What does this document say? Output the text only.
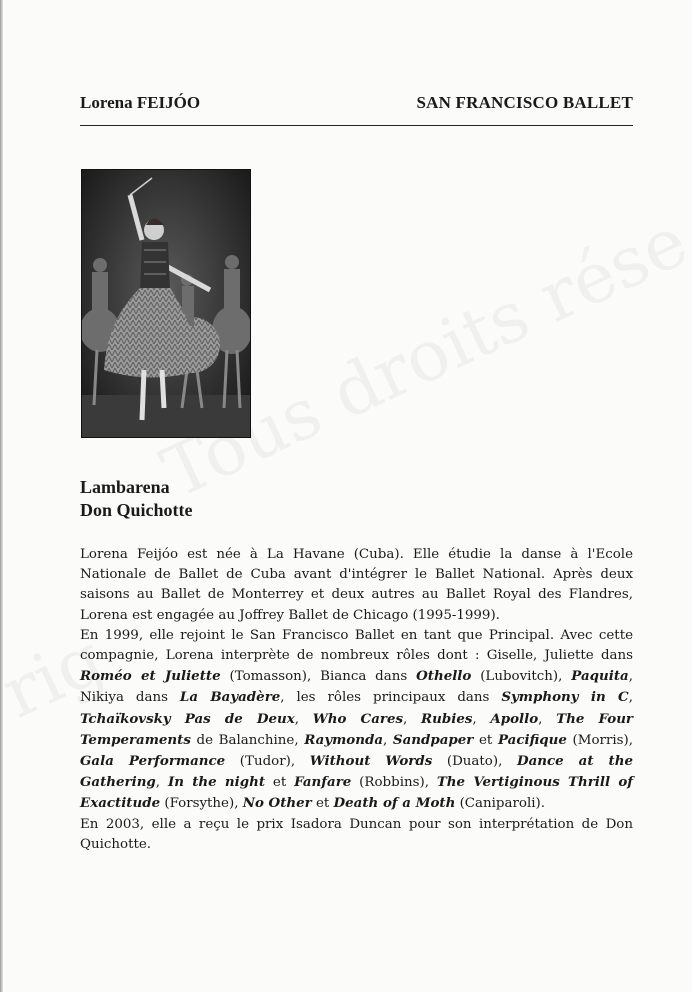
Lorena FEIJÓO	SAN FRANCISCO BALLET
Lambarena
Don Quichotte

Lorena Feijóo est née à La Havane (Cuba). Elle étudie la danse à l'Ecole Nationale de Ballet de Cuba avant d'intégrer le Ballet National. Après deux saisons au Ballet de Monterrey et deux autres au Ballet Royal des Flandres, Lorena est engagée au Joffrey Ballet de Chicago (1995-1999).

En 1999, elle rejoint le San Francisco Ballet en tant que Principal. Avec cette compagnie, Lorena interprète de nombreux rôles dont : Giselle, Juliette dans Roméo et Juliette (Tomasson), Bianca dans Othello (Lubovitch), Paquita, Nikiya dans La Bayadère, les rôles principaux dans Symphony in C, Tchaïkovsky Pas de Deux, Who Cares, Rubies, Apollo, The Four Temperaments de Balanchine, Raymonda, Sandpaper et Pacifique (Morris), Gala Performance (Tudor), Without Words (Duato), Dance at the Gathering, In the night et Fanfare (Robbins), The Vertiginous Thrill of Exactitude (Forsythe), No Other et Death of a Moth (Caniparoli).

En 2003, elle a reçu le prix Isadora Duncan pour son interprétation de Don Quichotte.
